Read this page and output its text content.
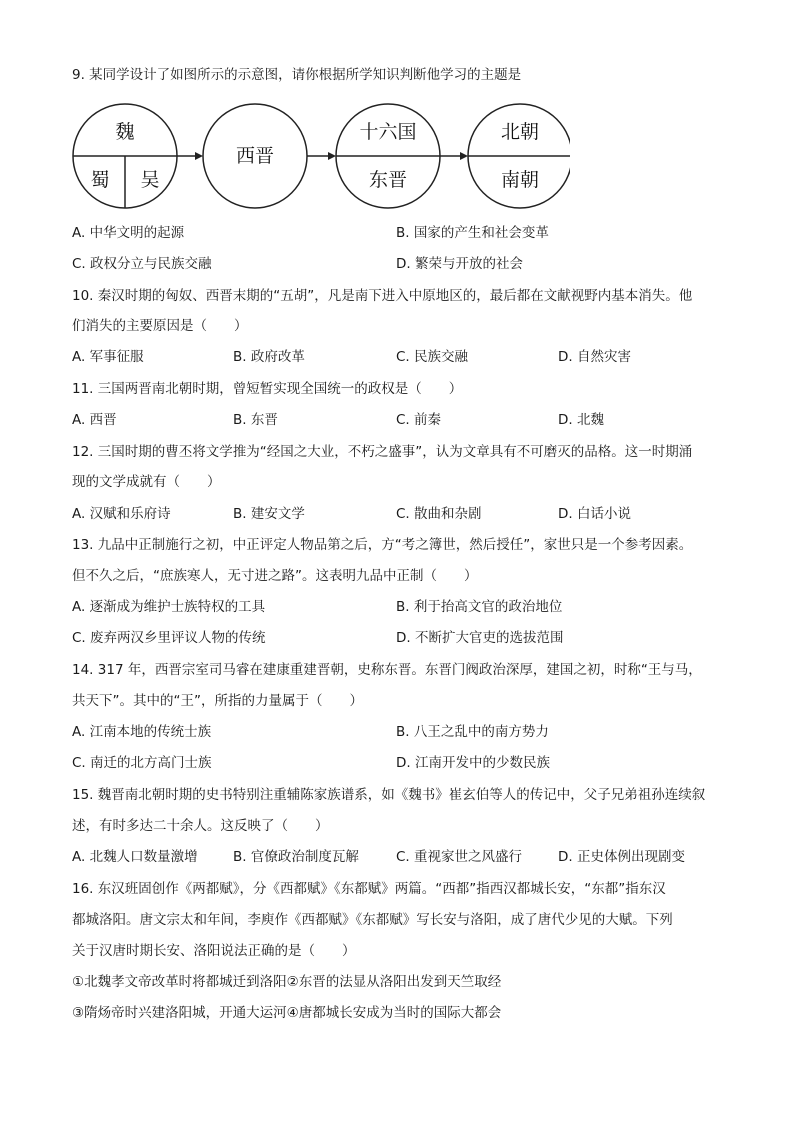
9. 某同学设计了如图所示的示意图，请你根据所学知识判断他学习的主题是
魏
蜀 吴
西晋
十六国
东晋
北朝
南朝
A. 中华文明的起源	B. 国家的产生和社会变革
C. 政权分立与民族交融	D. 繁荣与开放的社会
10. 秦汉时期的匈奴、西晋末期的“五胡”，凡是南下进入中原地区的，最后都在文献视野内基本消失。他
们消失的主要原因是（　　）
A. 军事征服	B. 政府改革	C. 民族交融	D. 自然灾害
11. 三国两晋南北朝时期，曾短暂实现全国统一的政权是（　　）
A. 西晋	B. 东晋	C. 前秦	D. 北魏
12. 三国时期的曹丕将文学推为“经国之大业，不朽之盛事”，认为文章具有不可磨灭的品格。这一时期涌
现的文学成就有（　　）
A. 汉赋和乐府诗	B. 建安文学	C. 散曲和杂剧	D. 白话小说
13. 九品中正制施行之初，中正评定人物品第之后，方“考之簿世，然后授任”，家世只是一个参考因素。
但不久之后，“庶族寒人，无寸进之路”。这表明九品中正制（　　）
A. 逐渐成为维护士族特权的工具	B. 利于抬高文官的政治地位
C. 废弃两汉乡里评议人物的传统	D. 不断扩大官吏的选拔范围
14. 317 年，西晋宗室司马睿在建康重建晋朝，史称东晋。东晋门阀政治深厚，建国之初，时称“王与马，
共天下”。其中的“王”，所指的力量属于（　　）
A. 江南本地的传统士族	B. 八王之乱中的南方势力
C. 南迁的北方高门士族	D. 江南开发中的少数民族
15. 魏晋南北朝时期的史书特别注重辅陈家族谱系，如《魏书》崔玄伯等人的传记中，父子兄弟祖孙连续叙
述，有时多达二十余人。这反映了（　　）
A. 北魏人口数量激增	B. 官僚政治制度瓦解	C. 重视家世之风盛行	D. 正史体例出现剧变
16. 东汉班固创作《两都赋》，分《西都赋》《东都赋》两篇。“西都”指西汉都城长安，“东都”指东汉
都城洛阳。唐文宗太和年间，李庾作《西都赋》《东都赋》写长安与洛阳，成了唐代少见的大赋。下列
关于汉唐时期长安、洛阳说法正确的是（　　）
①北魏孝文帝改革时将都城迁到洛阳②东晋的法显从洛阳出发到天竺取经
③隋炀帝时兴建洛阳城，开通大运河④唐都城长安成为当时的国际大都会
